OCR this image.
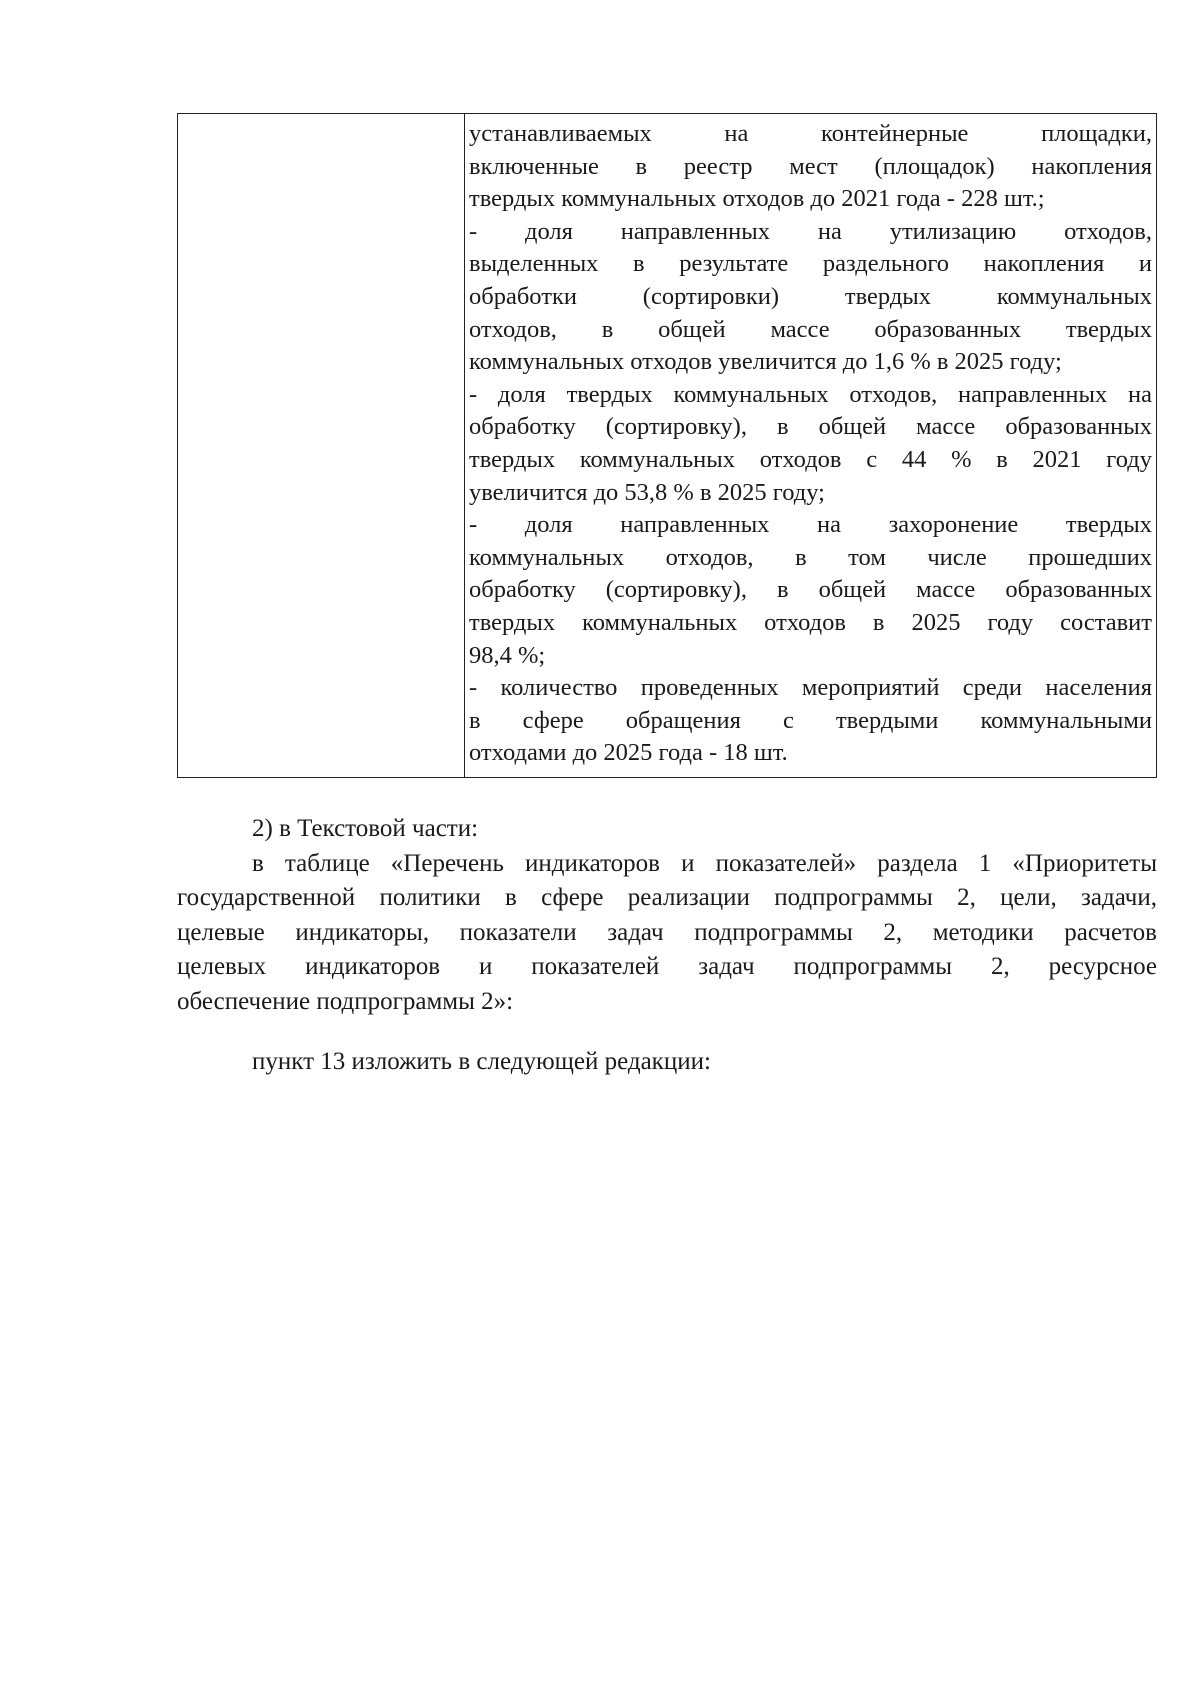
устанавливаемых на контейнерные площадки,
включенные в реестр мест (площадок) накопления
твердых коммунальных отходов до 2021 года - 228 шт.;
- доля направленных на утилизацию отходов,
выделенных в результате раздельного накопления и
обработки (сортировки) твердых коммунальных
отходов, в общей массе образованных твердых
коммунальных отходов увеличится до 1,6 % в 2025 году;
- доля твердых коммунальных отходов, направленных на
обработку (сортировку), в общей массе образованных
твердых коммунальных отходов с 44 % в 2021 году
увеличится до 53,8 % в 2025 году;
- доля направленных на захоронение твердых
коммунальных отходов, в том числе прошедших
обработку (сортировку), в общей массе образованных
твердых коммунальных отходов в 2025 году составит
98,4 %;
- количество проведенных мероприятий среди населения
в сфере обращения с твердыми коммунальными
отходами до 2025 года - 18 шт.
2) в Текстовой части:
в таблице «Перечень индикаторов и показателей» раздела 1 «Приоритеты
государственной политики в сфере реализации подпрограммы 2, цели, задачи,
целевые индикаторы, показатели задач подпрограммы 2, методики расчетов
целевых индикаторов и показателей задач подпрограммы 2, ресурсное
обеспечение подпрограммы 2»:
пункт 13 изложить в следующей редакции:
